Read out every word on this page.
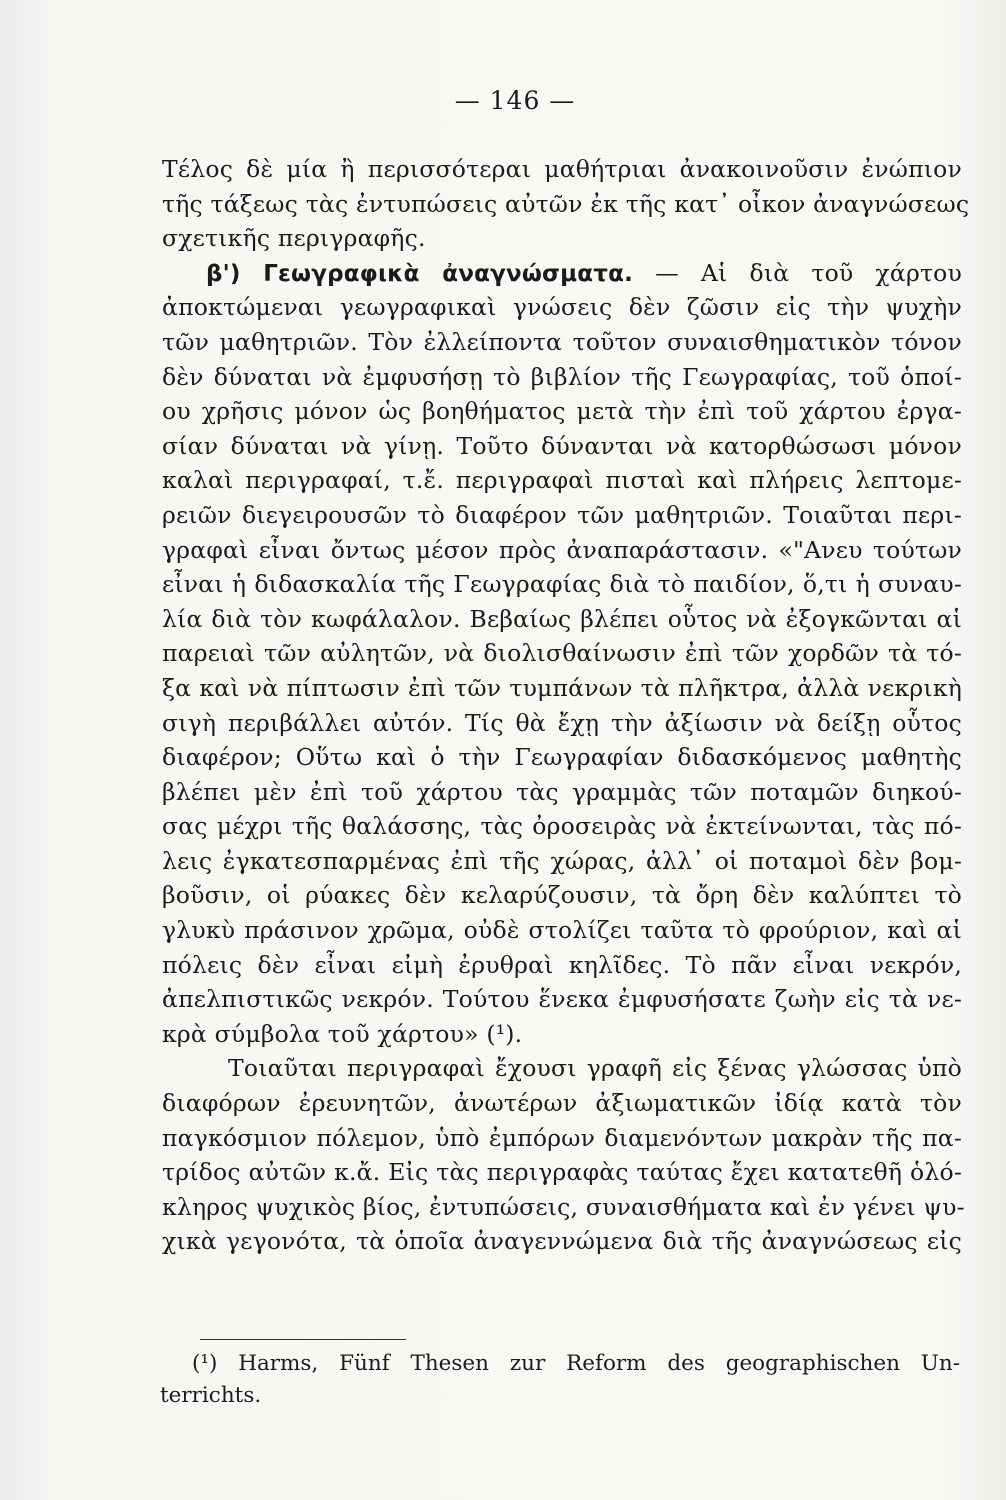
— 146 —
Τέλος δὲ μία ἢ περισσότεραι μαθήτριαι ἀνακοινοῦσιν ἐνώπιον
τῆς τάξεως τὰς ἐντυπώσεις αὐτῶν ἐκ τῆς κατ᾽ οἶκον ἀναγνώσεως
σχετικῆς περιγραφῆς.
β') Γεωγραφικὰ ἀναγνώσματα. — Αἱ διὰ τοῦ χάρτου
ἀποκτώμεναι γεωγραφικαὶ γνώσεις δὲν ζῶσιν εἰς τὴν ψυχὴν
τῶν μαθητριῶν. Τὸν ἐλλείποντα τοῦτον συναισθηματικὸν τόνον
δὲν δύναται νὰ ἐμφυσήσῃ τὸ βιβλίον τῆς Γεωγραφίας, τοῦ ὁποί-
ου χρῆσις μόνον ὡς βοηθήματος μετὰ τὴν ἐπὶ τοῦ χάρτου ἐργα-
σίαν δύναται νὰ γίνῃ. Τοῦτο δύνανται νὰ κατορθώσωσι μόνον
καλαὶ περιγραφαί, τ.ἔ. περιγραφαὶ πισταὶ καὶ πλήρεις λεπτομε-
ρειῶν διεγειρουσῶν τὸ διαφέρον τῶν μαθητριῶν. Τοιαῦται περι-
γραφαὶ εἶναι ὄντως μέσον πρὸς ἀναπαράστασιν. «"Ανευ τούτων
εἶναι ἡ διδασκαλία τῆς Γεωγραφίας διὰ τὸ παιδίον, ὅ,τι ἡ συναυ-
λία διὰ τὸν κωφάλαλον. Βεβαίως βλέπει οὗτος νὰ ἐξογκῶνται αἱ
παρειαὶ τῶν αὐλητῶν, νὰ διολισθαίνωσιν ἐπὶ τῶν χορδῶν τὰ τό-
ξα καὶ νὰ πίπτωσιν ἐπὶ τῶν τυμπάνων τὰ πλῆκτρα, ἀλλὰ νεκρικὴ
σιγὴ περιβάλλει αὐτόν. Τίς θὰ ἔχῃ τὴν ἀξίωσιν νὰ δείξῃ οὗτος
διαφέρον; Οὕτω καὶ ὁ τὴν Γεωγραφίαν διδασκόμενος μαθητὴς
βλέπει μὲν ἐπὶ τοῦ χάρτου τὰς γραμμὰς τῶν ποταμῶν διηκού-
σας μέχρι τῆς θαλάσσης, τὰς ὀροσειρὰς νὰ ἐκτείνωνται, τὰς πό-
λεις ἐγκατεσπαρμένας ἐπὶ τῆς χώρας, ἀλλ᾽ οἱ ποταμοὶ δὲν βομ-
βοῦσιν, οἱ ρύακες δὲν κελαρύζουσιν, τὰ ὄρη δὲν καλύπτει τὸ
γλυκὺ πράσινον χρῶμα, οὐδὲ στολίζει ταῦτα τὸ φρούριον, καὶ αἱ
πόλεις δὲν εἶναι εἰμὴ ἐρυθραὶ κηλῖδες. Τὸ πᾶν εἶναι νεκρόν,
ἀπελπιστικῶς νεκρόν. Τούτου ἕνεκα ἐμφυσήσατε ζωὴν εἰς τὰ νε-
κρὰ σύμβολα τοῦ χάρτου» (¹).
Τοιαῦται περιγραφαὶ ἔχουσι γραφῆ εἰς ξένας γλώσσας ὑπὸ
διαφόρων ἐρευνητῶν, ἀνωτέρων ἀξιωματικῶν ἰδίᾳ κατὰ τὸν
παγκόσμιον πόλεμον, ὑπὸ ἐμπόρων διαμενόντων μακρὰν τῆς πα-
τρίδος αὐτῶν κ.ἄ. Εἰς τὰς περιγραφὰς ταύτας ἔχει κατατεθῆ ὁλό-
κληρος ψυχικὸς βίος, ἐντυπώσεις, συναισθήματα καὶ ἐν γένει ψυ-
χικὰ γεγονότα, τὰ ὁποῖα ἀναγεννώμενα διὰ τῆς ἀναγνώσεως εἰς
(¹) Harms, Fünf Thesen zur Reform des geographischen Un-
terrichts.
